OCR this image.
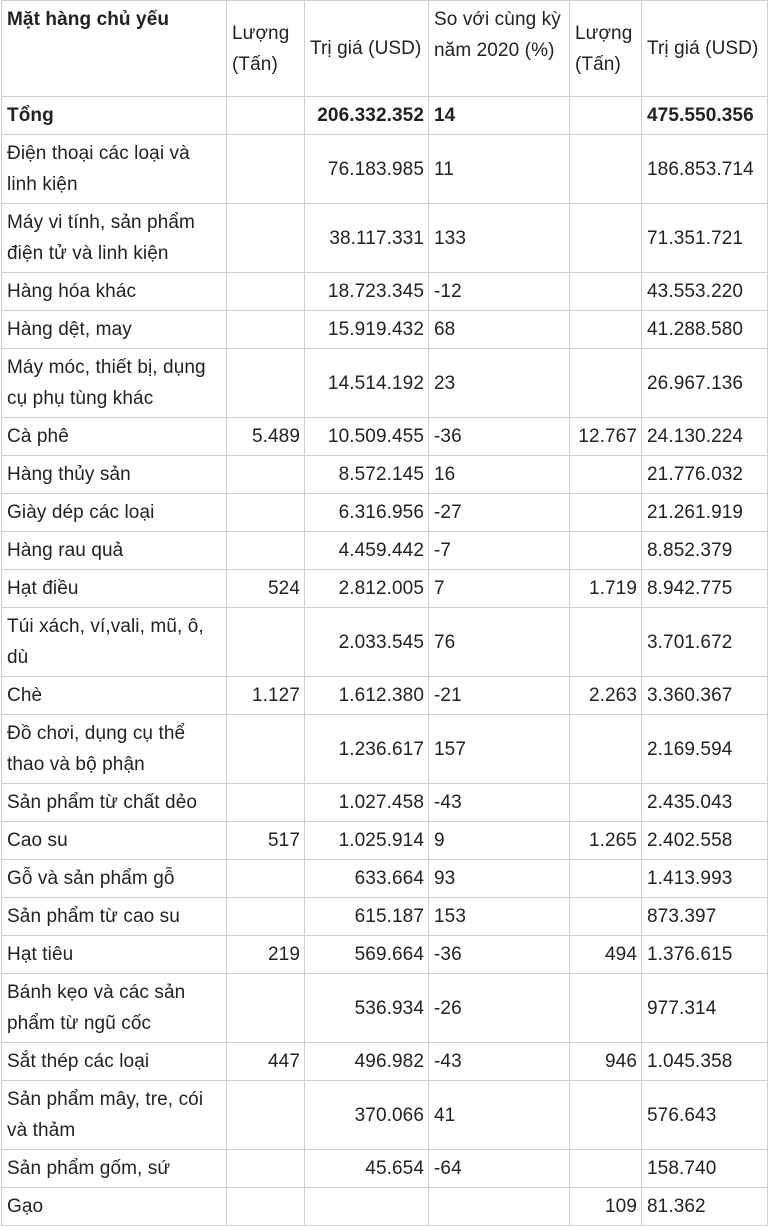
Mặt hàng chủ yếu	Lượng (Tấn)	Trị giá (USD)	So với cùng kỳ năm 2020 (%)	Lượng (Tấn)	Trị giá (USD)
Tổng		206.332.352	14		475.550.356
Điện thoại các loại và linh kiện		76.183.985	11		186.853.714
Máy vi tính, sản phẩm điện tử và linh kiện		38.117.331	133		71.351.721
Hàng hóa khác		18.723.345	-12		43.553.220
Hàng dệt, may		15.919.432	68		41.288.580
Máy móc, thiết bị, dụng cụ phụ tùng khác		14.514.192	23		26.967.136
Cà phê	5.489	10.509.455	-36	12.767	24.130.224
Hàng thủy sản		8.572.145	16		21.776.032
Giày dép các loại		6.316.956	-27		21.261.919
Hàng rau quả		4.459.442	-7		8.852.379
Hạt điều	524	2.812.005	7	1.719	8.942.775
Túi xách, ví,vali, mũ, ô, dù		2.033.545	76		3.701.672
Chè	1.127	1.612.380	-21	2.263	3.360.367
Đồ chơi, dụng cụ thể thao và bộ phận		1.236.617	157		2.169.594
Sản phẩm từ chất dẻo		1.027.458	-43		2.435.043
Cao su	517	1.025.914	9	1.265	2.402.558
Gỗ và sản phẩm gỗ		633.664	93		1.413.993
Sản phẩm từ cao su		615.187	153		873.397
Hạt tiêu	219	569.664	-36	494	1.376.615
Bánh kẹo và các sản phẩm từ ngũ cốc		536.934	-26		977.314
Sắt thép các loại	447	496.982	-43	946	1.045.358
Sản phẩm mây, tre, cói và thảm		370.066	41		576.643
Sản phẩm gốm, sứ		45.654	-64		158.740
Gạo				109	81.362
